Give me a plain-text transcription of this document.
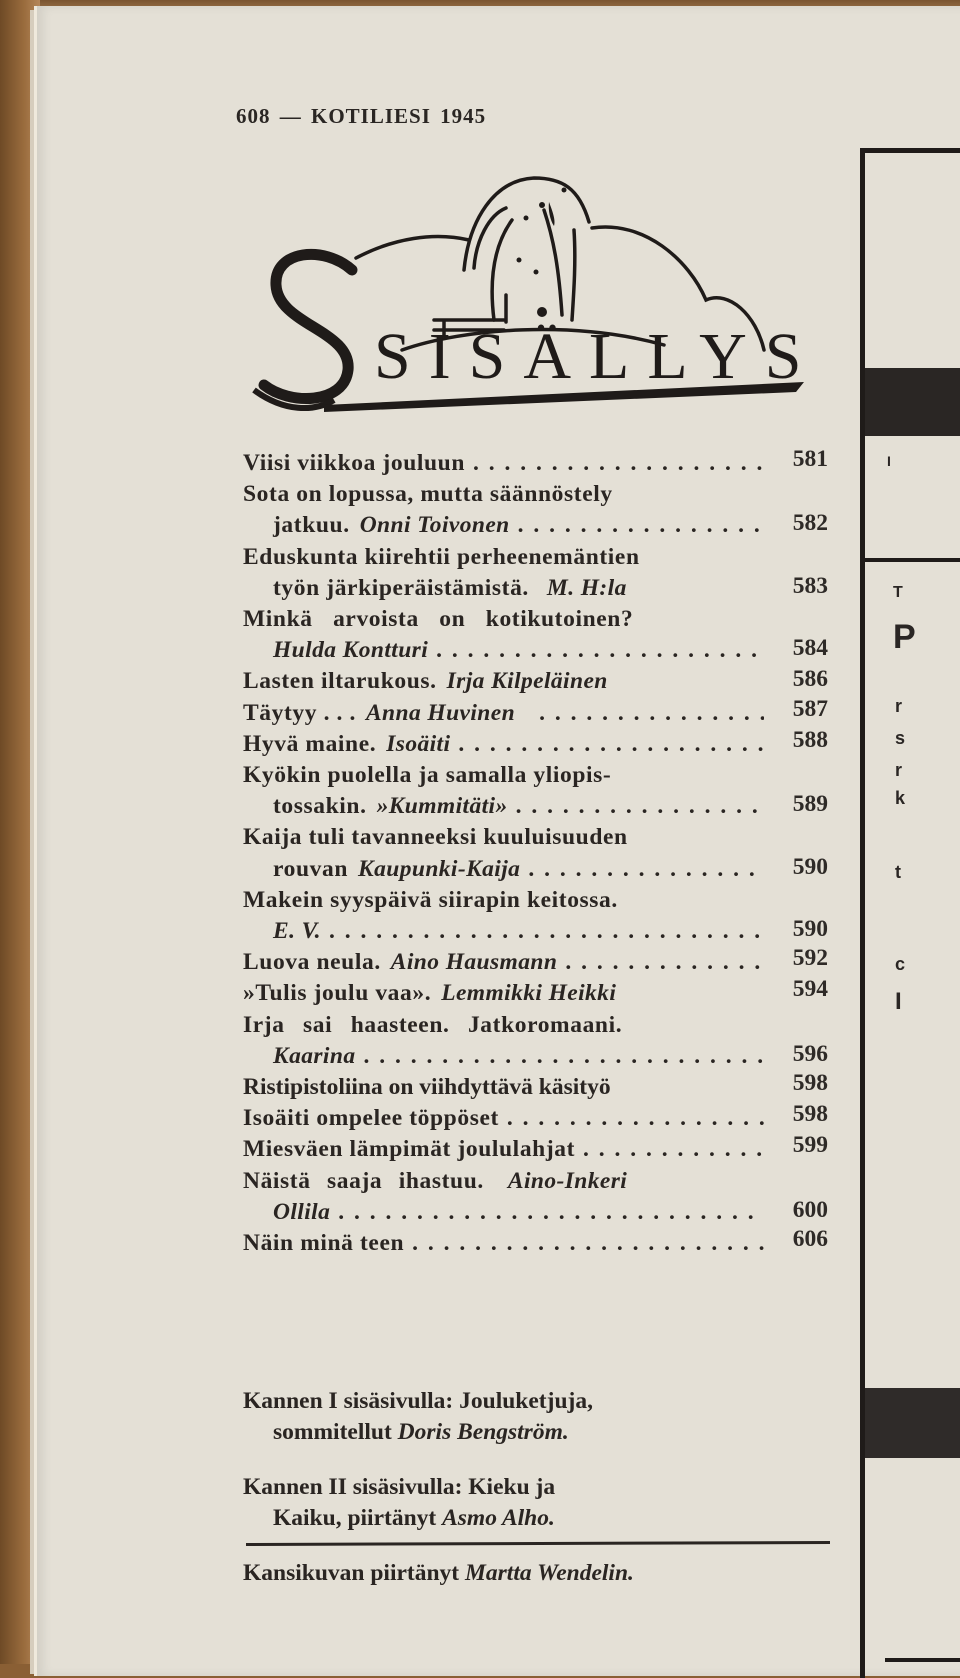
608 — KOTILIESI 1945
SISÄLLYS
Viisi viikkoa jouluun . . .	581
Sota on lopussa, mutta säännöstely
jatkuu. Onni Toivonen . . .	582
Eduskunta kiirehtii perheenemäntien
työn järkiperäistämistä. M. H:la	583
Minkä arvoista on kotikutoinen?
Hulda Kontturi . . .	584
Lasten iltarukous. Irja Kilpeläinen	586
Täytyy . . . Anna Huvinen . . .	587
Hyvä maine. Isoäiti . . .	588
Kyökin puolella ja samalla yliopis-
tossakin. »Kummitäti» . . .	589
Kaija tuli tavanneeksi kuuluisuuden
rouvan Kaupunki-Kaija . . .	590
Makein syyspäivä siirapin keitossa.
E. V. . . .	590
Luova neula. Aino Hausmann . . .	592
»Tulis joulu vaa». Lemmikki Heikki	594
Irja sai haasteen. Jatkoromaani.
Kaarina . . .	596
Ristipistoliina on viihdyttävä käsityö	598
Isoäiti ompelee töppöset . . .	598
Miesväen lämpimät joululahjat . . .	599
Näistä saaja ihastuu. Aino-Inkeri
Ollila . . .	600
Näin minä teen . . .	606
Kannen I sisäsivulla: Jouluketjuja,
sommitellut Doris Bengström.
Kannen II sisäsivulla: Kieku ja
Kaiku, piirtänyt Asmo Alho.
Kansikuvan piirtänyt Martta Wendelin.
I
T
P
r
s
r
k
t
c
I
